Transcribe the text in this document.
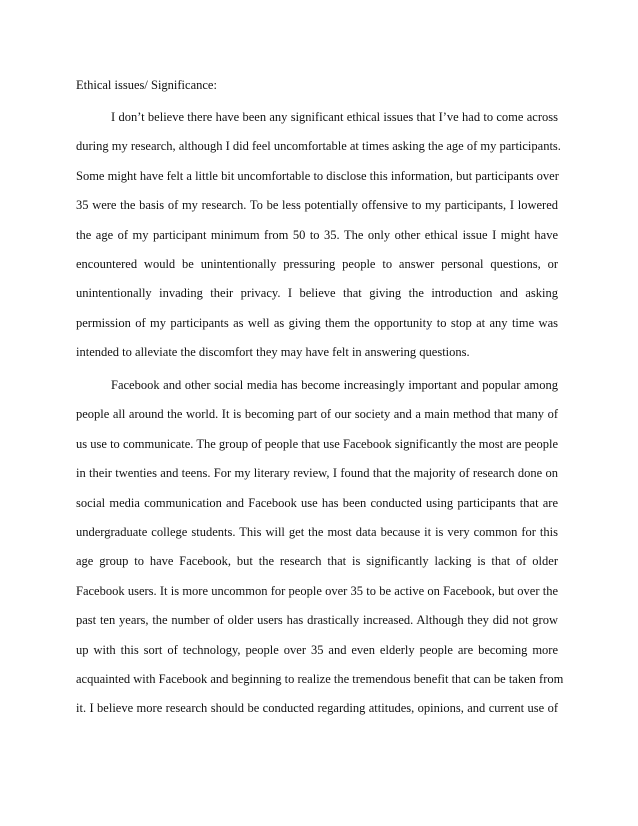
Ethical issues/ Significance:
I don’t believe there have been any significant ethical issues that I’ve had to come across
during my research, although I did feel uncomfortable at times asking the age of my participants.
Some might have felt a little bit uncomfortable to disclose this information, but participants over
35 were the basis of my research. To be less potentially offensive to my participants, I lowered
the age of my participant minimum from 50 to 35. The only other ethical issue I might have
encountered would be unintentionally pressuring people to answer personal questions, or
unintentionally invading their privacy. I believe that giving the introduction and asking
permission of my participants as well as giving them the opportunity to stop at any time was
intended to alleviate the discomfort they may have felt in answering questions.
Facebook and other social media has become increasingly important and popular among
people all around the world. It is becoming part of our society and a main method that many of
us use to communicate. The group of people that use Facebook significantly the most are people
in their twenties and teens. For my literary review, I found that the majority of research done on
social media communication and Facebook use has been conducted using participants that are
undergraduate college students. This will get the most data because it is very common for this
age group to have Facebook, but the research that is significantly lacking is that of older
Facebook users. It is more uncommon for people over 35 to be active on Facebook, but over the
past ten years, the number of older users has drastically increased. Although they did not grow
up with this sort of technology, people over 35 and even elderly people are becoming more
acquainted with Facebook and beginning to realize the tremendous benefit that can be taken from
it. I believe more research should be conducted regarding attitudes, opinions, and current use of
